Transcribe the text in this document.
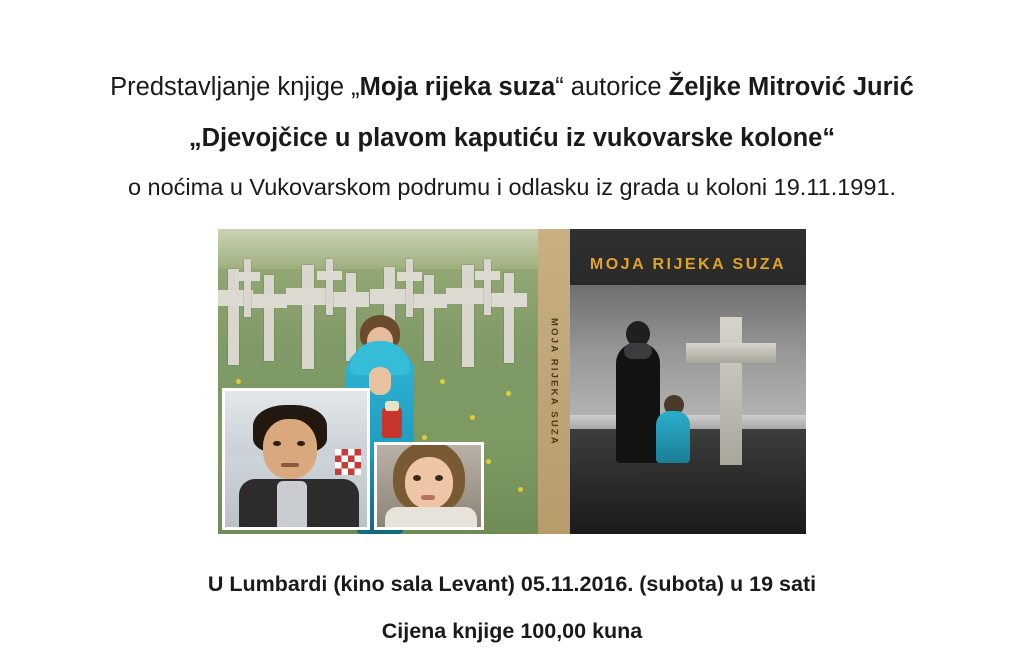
Predstavljanje knjige „Moja rijeka suza“ autorice Željke Mitrović Jurić
„Djevojčice u plavom kaputiću iz vukovarske kolone“
o noćima u Vukovarskom podrumu i odlasku iz grada u koloni 19.11.1991.
MOJA RIJEKA SUZA
MOJA RIJEKA SUZA
U Lumbardi (kino sala Levant) 05.11.2016. (subota) u 19 sati
Cijena knjige 100,00 kuna
